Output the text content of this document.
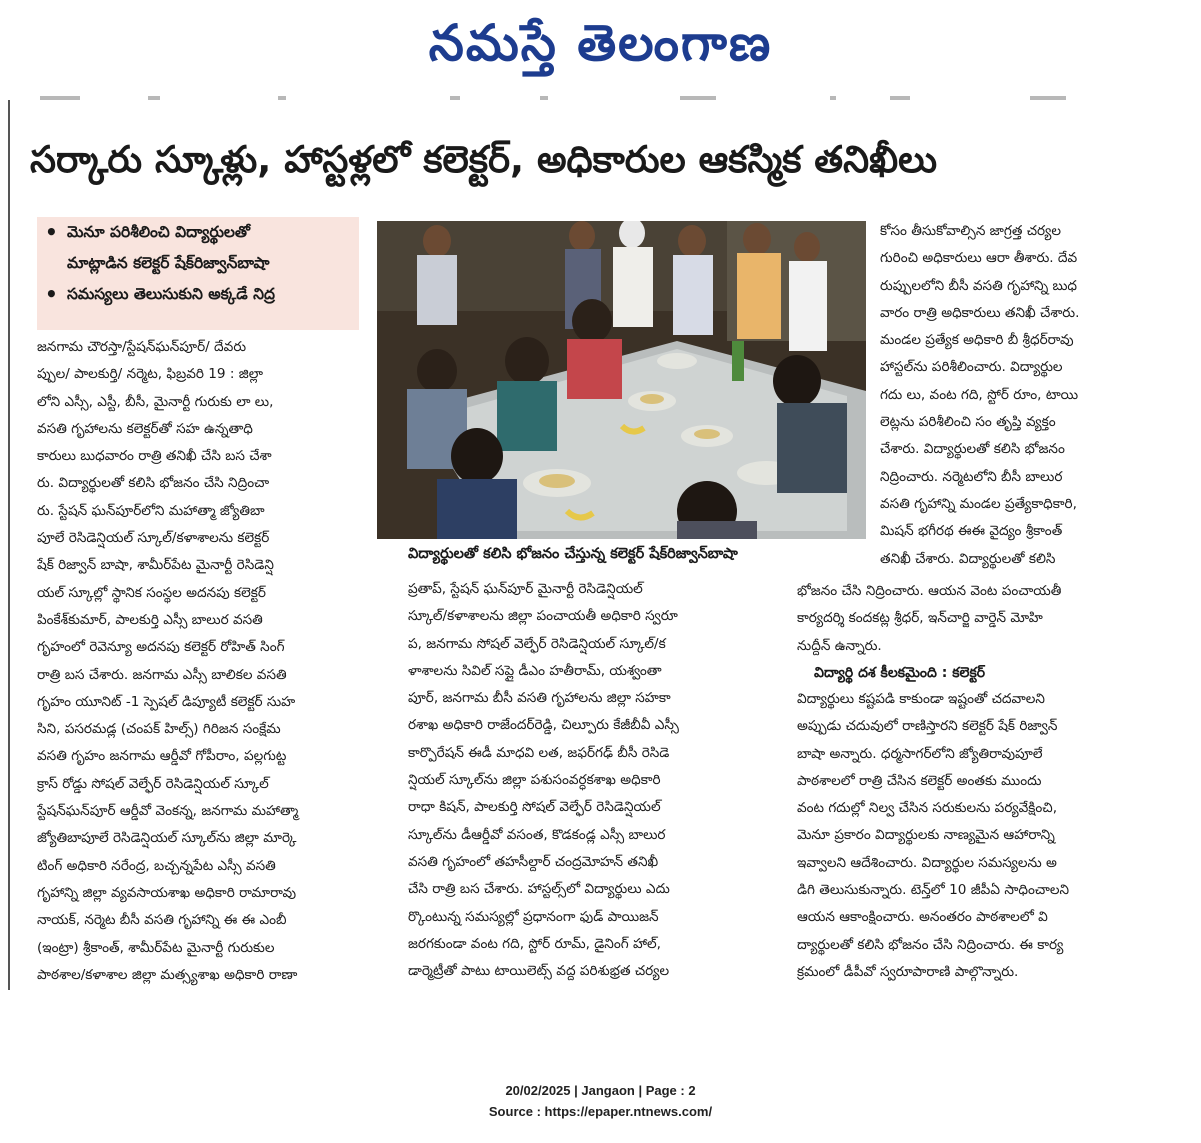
నమస్తే తెలంగాణ
సర్కారు స్కూళ్లు, హాస్టళ్లలో కలెక్టర్, అధికారుల ఆకస్మిక తనిఖీలు
• మెనూ పరిశీలించి విద్యార్థులతో
మాట్లాడిన కలెక్టర్ షేక్‌రిజ్వాన్‌బాషా
• సమస్యలు తెలుసుకుని అక్కడే నిద్ర
విద్యార్థులతో కలిసి భోజనం చేస్తున్న కలెక్టర్ షేక్‌రిజ్వాన్‌బాషా

జనగామ చౌరస్తా/స్టేషన్‌ఘన్‌పూర్/ దేవరు
ప్పుల/ పాలకుర్తి/ నర్మెట, ఫిబ్రవరి 19 : జిల్లా
లోని ఎస్సీ, ఎస్టీ, బీసీ, మైనార్టీ గురుకు లా లు,
వసతి గృహాలను కలెక్టర్‌తో సహ ఉన్నతాధి
కారులు బుధవారం రాత్రి తనిఖీ చేసి బస చేశా
రు. విద్యార్థులతో కలిసి భోజనం చేసి నిద్రించా
రు. స్టేషన్ ఘన్‌పూర్‌లోని మహాత్మా జ్యోతిబా
పూలే రెసిడెన్షియల్ స్కూల్/కళాశాలను కలెక్టర్
షేక్ రిజ్వాన్ బాషా, శామీర్‌పేట మైనార్టీ రెసిడెన్షి
యల్ స్కూల్లో స్థానిక సంస్థల అదనపు కలెక్టర్
పింకేశ్‌కుమార్, పాలకుర్తి ఎస్సీ బాలుర వసతి
గృహంలో రెవెన్యూ అదనపు కలెక్టర్ రోహిత్ సింగ్
రాత్రి బస చేశారు. జనగామ ఎస్సీ బాలికల వసతి
గృహం యూనిట్ -1 స్పెషల్ డిప్యూటీ కలెక్టర్ సుహ
సిని, పసరమడ్ల (చంపక్ హిల్స్) గిరిజన సంక్షేమ
వసతి గృహం జనగామ ఆర్డీవో గోపీరాం, పల్లగుట్ట
క్రాస్ రోడ్డు సోషల్ వెల్ఫేర్ రెసిడెన్షియల్ స్కూల్
స్టేషన్‌ఘన్‌పూర్ ఆర్డీవో వెంకన్న, జనగామ మహాత్మా
జ్యోతిబాపూలే రెసిడెన్షియల్ స్కూల్‌ను జిల్లా మార్కె
టింగ్ అధికారి నరేంద్ర, బచ్చన్నపేట ఎస్సీ వసతి
గృహాన్ని జిల్లా వ్యవసాయశాఖ అధికారి రామారావు
నాయక్, నర్మెట బీసీ వసతి గృహాన్ని ఈ ఈ ఎంబీ
(ఇంట్రా) శ్రీకాంత్, శామీర్‌పేట మైనార్టీ గురుకుల
పాఠశాల/కళాశాల జిల్లా మత్స్యశాఖ అధికారి రాణా

ప్రతాప్, స్టేషన్ ఘన్‌పూర్ మైనార్టీ రెసిడెన్షియల్
స్కూల్/కళాశాలను జిల్లా పంచాయతీ అధికారి స్వరూ
ప, జనగామ సోషల్ వెల్ఫేర్ రెసిడెన్షియల్ స్కూల్/క
ళాశాలను సివిల్ సప్లై డీఎం హతీరామ్, యశ్వంతా
పూర్, జనగామ బీసీ వసతి గృహాలను జిల్లా సహకా
రశాఖ అధికారి రాజేందర్‌రెడ్డి, చిల్పూరు కేజీబీవీ ఎస్సీ
కార్పొరేషన్ ఈడీ మాధవి లత, జఫర్‌గఢ్ బీసీ రెసిడె
న్షియల్ స్కూల్‌ను జిల్లా పశుసంవర్ధకశాఖ అధికారి
రాధా కిషన్, పాలకుర్తి సోషల్ వెల్ఫేర్ రెసిడెన్షియల్
స్కూల్‌ను డీఆర్డీవో వసంత, కొడకండ్ల ఎస్సీ బాలుర
వసతి గృహంలో తహసీల్దార్ చంద్రమోహన్ తనిఖీ
చేసి రాత్రి బస చేశారు. హాస్టల్స్‌లో విద్యార్థులు ఎదు
ర్కొంటున్న సమస్యల్లో ప్రధానంగా ఫుడ్ పాయిజన్
జరగకుండా వంట గది, స్టోర్ రూమ్, డైనింగ్ హాల్,
డార్మెట్రీతో పాటు టాయిలెట్స్ వద్ద పరిశుభ్రత చర్యల

కోసం తీసుకోవాల్సిన జాగ్రత్త చర్యల
గురించి అధికారులు ఆరా తీశారు. దేవ
రుప్పులలోని బీసీ వసతి గృహాన్ని బుధ
వారం రాత్రి అధికారులు తనిఖీ చేశారు.
మండల ప్రత్యేక అధికారి బీ శ్రీధర్‌రావు
హాస్టల్‌ను పరిశీలించారు. విద్యార్థుల
గదు లు, వంట గది, స్టోర్ రూం, టాయి
లెట్లను పరిశీలించి సం తృప్తి వ్యక్తం
చేశారు. విద్యార్థులతో కలిసి భోజనం
నిద్రించారు. నర్మెటలోని బీసీ బాలుర
వసతి గృహాన్ని మండల ప్రత్యేకాధికారి,
మిషన్ భగీరథ ఈఈ వైద్యం శ్రీకాంత్
తనిఖీ చేశారు. విద్యార్థులతో కలిసి

భోజనం చేసి నిద్రించారు. ఆయన వెంట పంచాయతీ
కార్యదర్శి కందకట్ల శ్రీధర్, ఇన్‌చార్జి వార్డెన్ మోహి
నుద్దీన్ ఉన్నారు.

విద్యార్థి దశ కీలకమైంది : కలెక్టర్

విద్యార్థులు కష్టపడి కాకుండా ఇష్టంతో చదవాలని
అప్పుడు చదువులో రాణిస్తారని కలెక్టర్ షేక్ రిజ్వాన్
బాషా అన్నారు. ధర్మసాగర్‌లోని జ్యోతిరావుపూలే
పాఠశాలలో రాత్రి చేసిన కలెక్టర్ అంతకు ముందు
వంట గదుల్లో నిల్వ చేసిన సరుకులను పర్యవేక్షించి,
మెనూ ప్రకారం విద్యార్థులకు నాణ్యమైన ఆహారాన్ని
ఇవ్వాలని ఆదేశించారు. విద్యార్థుల సమస్యలను అ
డిగి తెలుసుకున్నారు. టెన్త్‌లో 10 జీపీఏ సాధించాలని
ఆయన ఆకాంక్షించారు. అనంతరం పాఠశాలలో వి
ద్యార్థులతో కలిసి భోజనం చేసి నిద్రించారు. ఈ కార్య
క్రమంలో డీపీవో స్వరూపారాణి పాల్గొన్నారు.

20/02/2025 | Jangaon | Page : 2
Source : https://epaper.ntnews.com/
